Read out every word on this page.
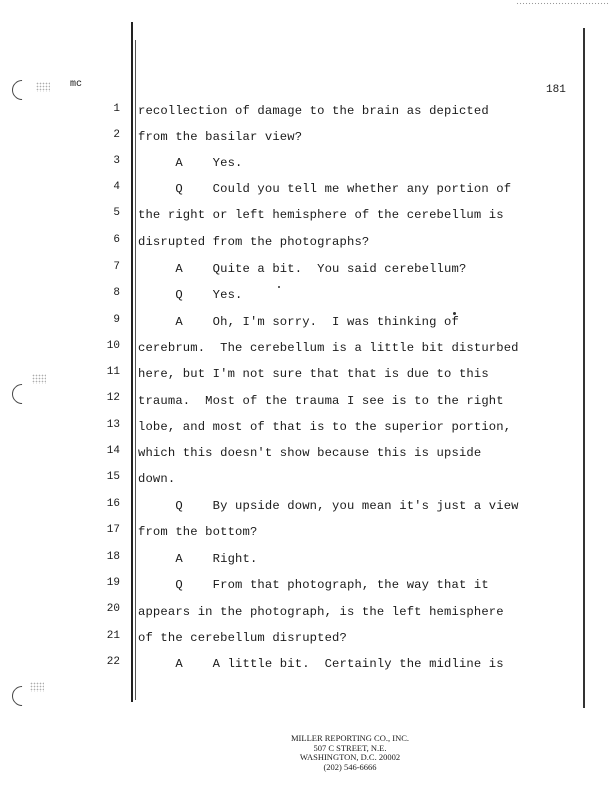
mc	181
1 recollection of damage to the brain as depicted
2 from the basilar view?
3 A    Yes.
4 Q    Could you tell me whether any portion of
5 the right or left hemisphere of the cerebellum is
6 disrupted from the photographs?
7 A    Quite a bit.  You said cerebellum?
8 Q    Yes.
9 A    Oh, I'm sorry.  I was thinking of
10 cerebrum.  The cerebellum is a little bit disturbed
11 here, but I'm not sure that that is due to this
12 trauma.  Most of the trauma I see is to the right
13 lobe, and most of that is to the superior portion,
14 which this doesn't show because this is upside
15 down.
16 Q    By upside down, you mean it's just a view
17 from the bottom?
18 A    Right.
19 Q    From that photograph, the way that it
20 appears in the photograph, is the left hemisphere
21 of the cerebellum disrupted?
22 A    A little bit.  Certainly the midline is
MILLER REPORTING CO., INC.
507 C STREET, N.E.
WASHINGTON, D.C. 20002
(202) 546-6666
